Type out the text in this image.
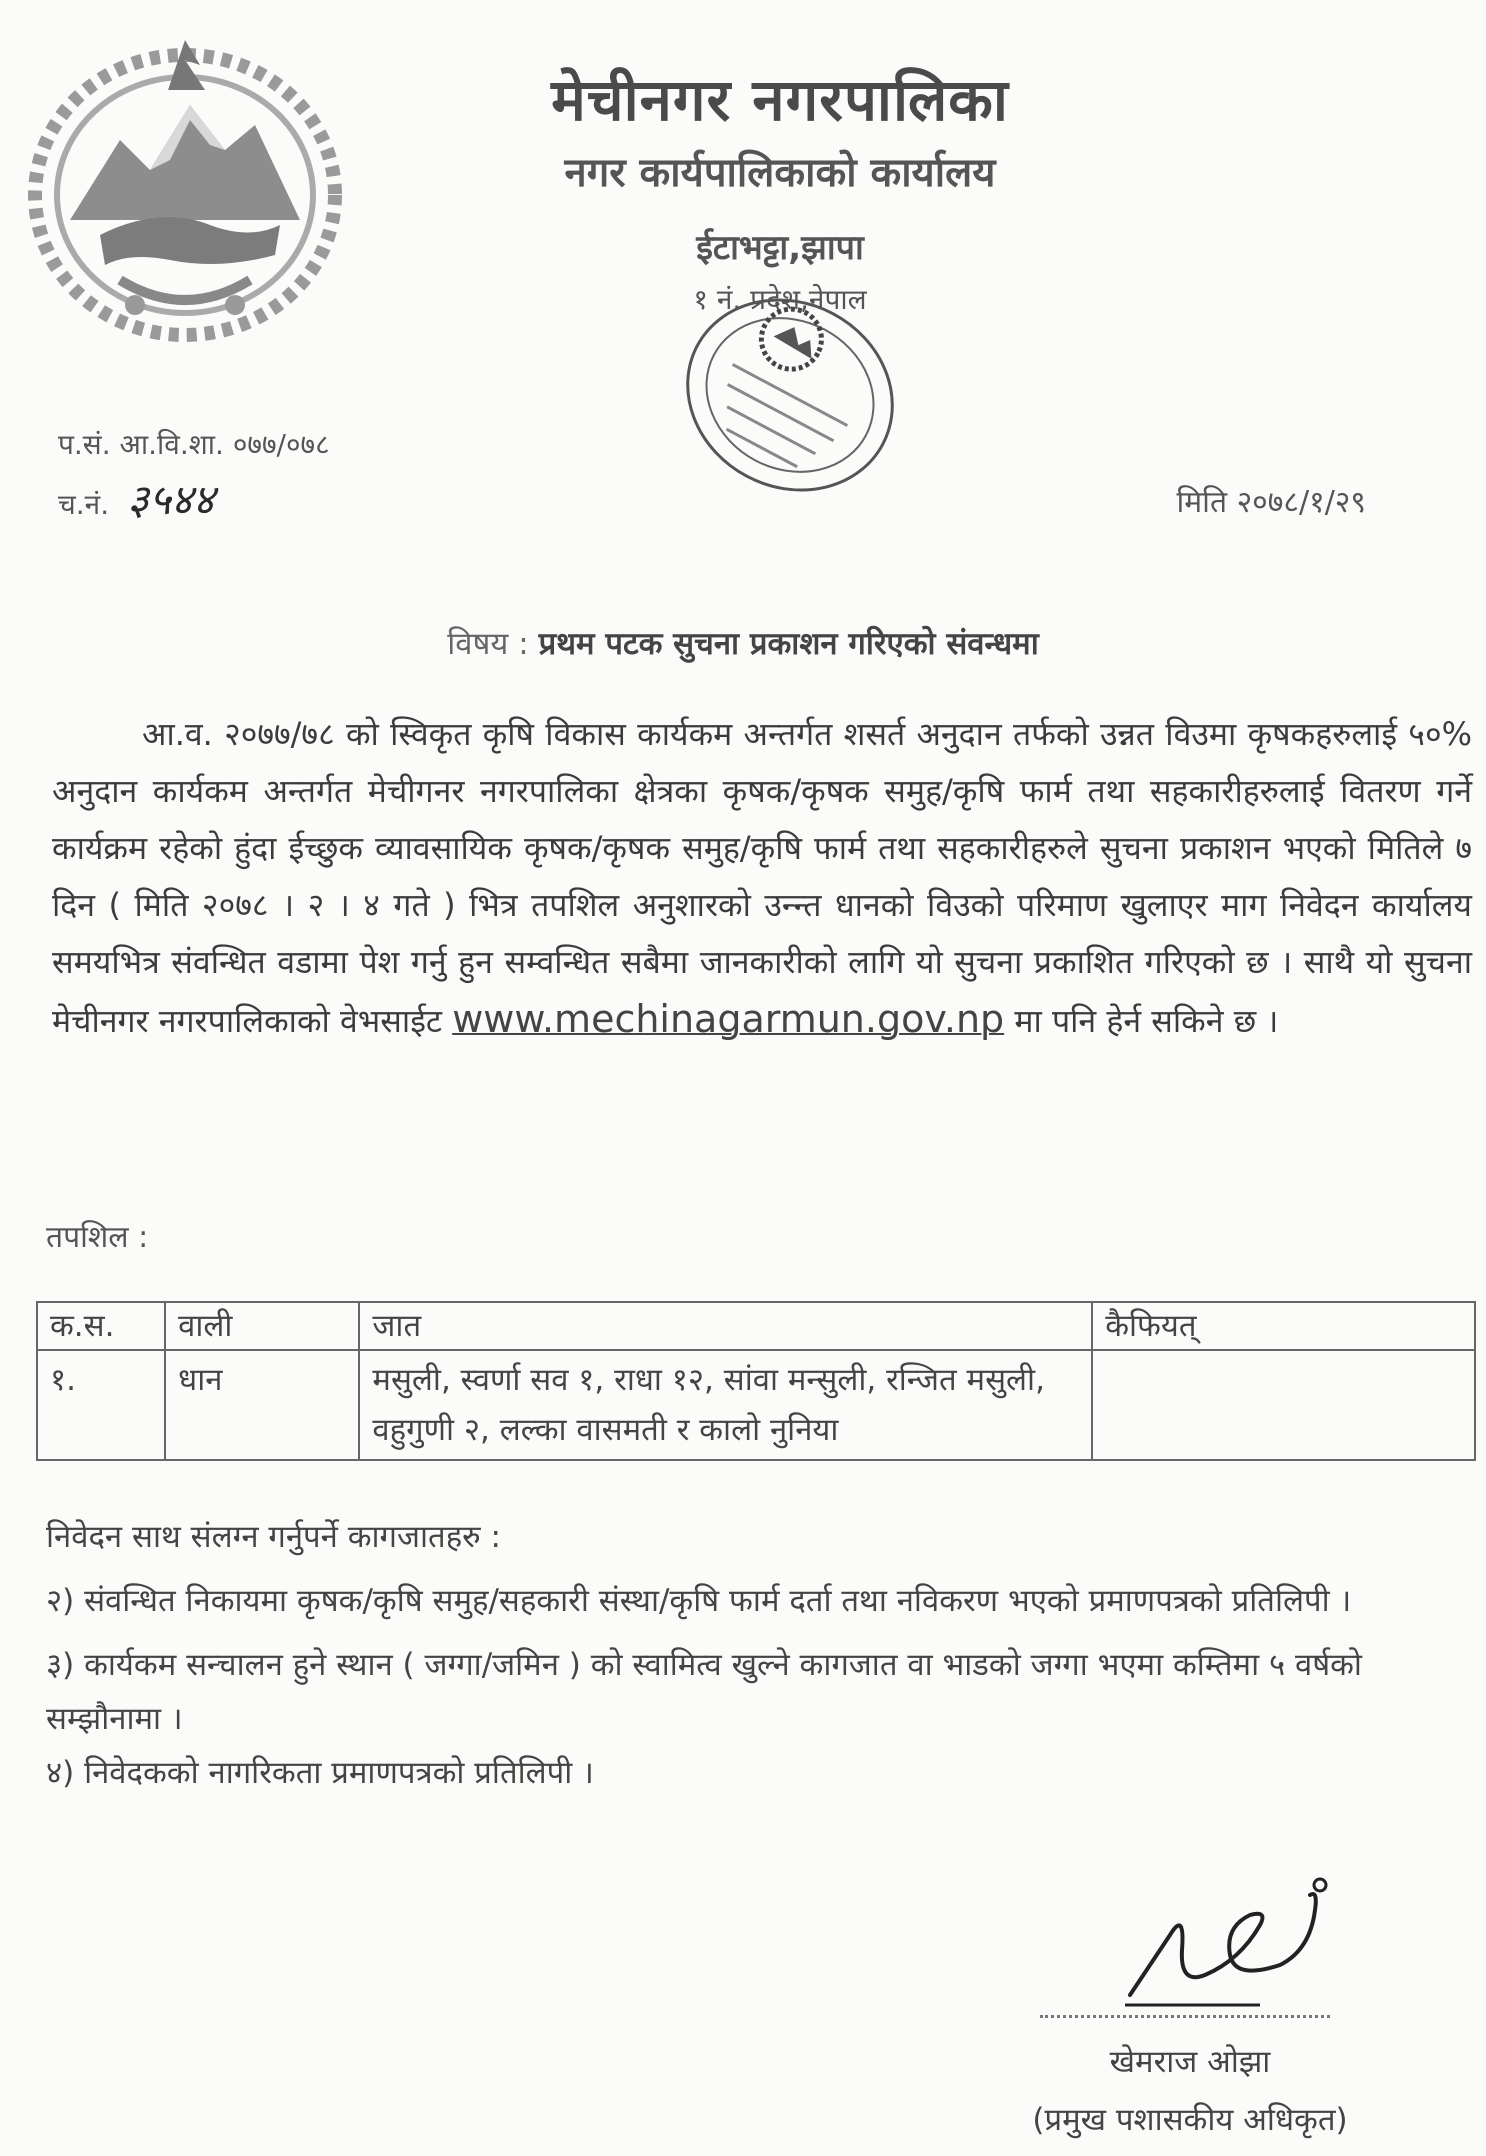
मेचीनगर नगरपालिका
नगर कार्यपालिकाको कार्यालय
ईटाभट्टा,झापा
१ नं. प्रदेश,नेपाल
प.सं. आ.वि.शा. ०७७/०७८
च.नं. ३५४४	मिति २०७८/१/२९
विषय : प्रथम पटक सुचना प्रकाशन गरिएको संवन्धमा
आ.व. २०७७/७८ को स्विकृत कृषि विकास कार्यकम अन्तर्गत शसर्त अनुदान तर्फको उन्नत विउमा कृषकहरुलाई ५०% अनुदान कार्यकम अन्तर्गत मेचीगनर नगरपालिका क्षेत्रका कृषक/कृषक समुह/कृषि फार्म तथा सहकारीहरुलाई वितरण गर्ने कार्यक्रम रहेको हुंदा ईच्छुक व्यावसायिक कृषक/कृषक समुह/कृषि फार्म तथा सहकारीहरुले सुचना प्रकाशन भएको मितिले ७ दिन ( मिति २०७८ । २ । ४ गते ) भित्र तपशिल अनुशारको उन्न्त धानको विउको परिमाण खुलाएर माग निवेदन कार्यालय समयभित्र संवन्धित वडामा पेश गर्नु हुन सम्वन्धित सबैमा जानकारीको लागि यो सुचना प्रकाशित गरिएको छ । साथै यो सुचना मेचीनगर नगरपालिकाको वेभसाईट www.mechinagarmun.gov.np मा पनि हेर्न सकिने छ ।
तपशिल :
क.स.	वाली	जात	कैफियत्
१.	धान	मसुली, स्वर्णा सव १, राधा १२, सांवा मन्सुली, रन्जित मसुली, वहुगुणी २, लल्का वासमती र कालो नुनिया	

निवेदन साथ संलग्न गर्नुपर्ने कागजातहरु :

२) संवन्धित निकायमा कृषक/कृषि समुह/सहकारी संस्था/कृषि फार्म दर्ता तथा नविकरण भएको प्रमाणपत्रको प्रतिलिपी ।

३) कार्यकम सन्चालन हुने स्थान ( जग्गा/जमिन ) को स्वामित्व खुल्ने कागजात वा भाडको जग्गा भएमा कम्तिमा ५ वर्षको सम्झौनामा ।

४) निवेदकको नागरिकता प्रमाणपत्रको प्रतिलिपी ।

खेमराज ओझा
(प्रमुख पशासकीय अधिकृत)
